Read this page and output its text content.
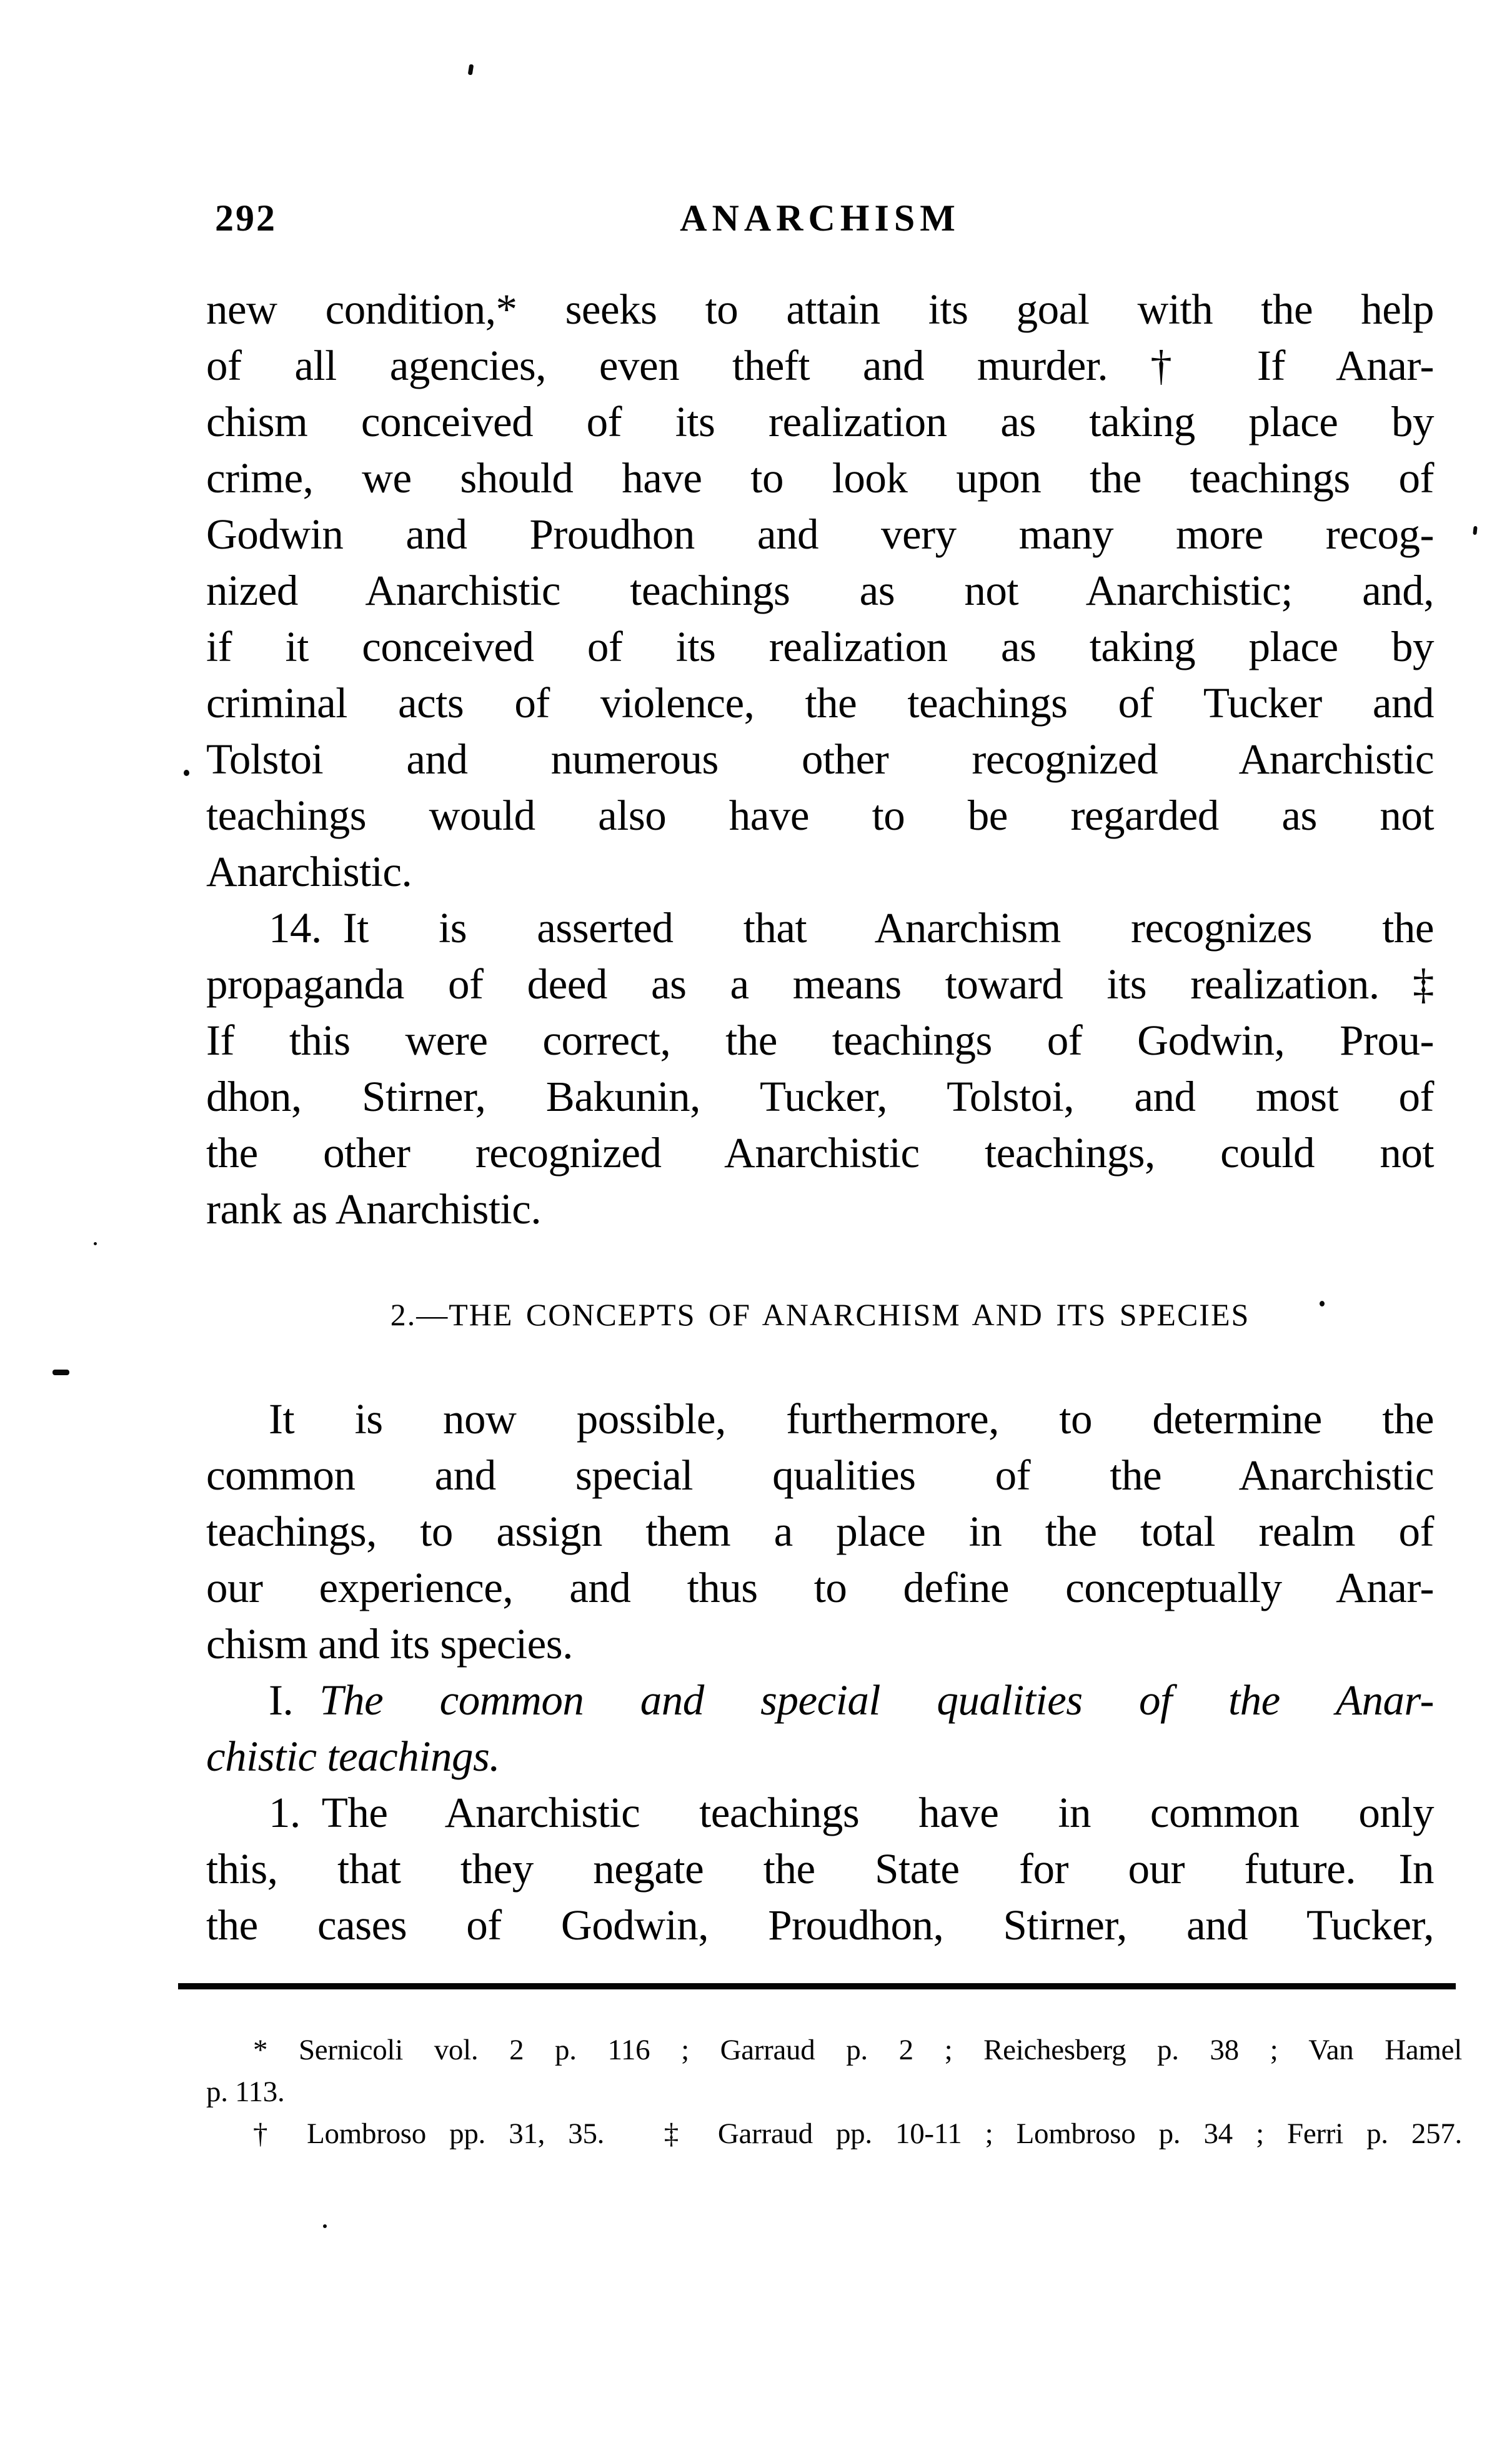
292	ANARCHISM
new condition,* seeks to attain its goal with the help
of all agencies, even theft and murder.† If Anar-
chism conceived of its realization as taking place by
crime, we should have to look upon the teachings of
Godwin and Proudhon and very many more recog-
nized Anarchistic teachings as not Anarchistic; and,
if it conceived of its realization as taking place by
criminal acts of violence, the teachings of Tucker and
Tolstoi and numerous other recognized Anarchistic
teachings would also have to be regarded as not
Anarchistic.
14. It is asserted that Anarchism recognizes the
propaganda of deed as a means toward its realization.‡
If this were correct, the teachings of Godwin, Prou-
dhon, Stirner, Bakunin, Tucker, Tolstoi, and most of
the other recognized Anarchistic teachings, could not
rank as Anarchistic.
2.—THE CONCEPTS OF ANARCHISM AND ITS SPECIES
It is now possible, furthermore, to determine the
common and special qualities of the Anarchistic
teachings, to assign them a place in the total realm of
our experience, and thus to define conceptually Anar-
chism and its species.
I. The common and special qualities of the Anar-
chistic teachings.
1. The Anarchistic teachings have in common only
this, that they negate the State for our future. In
the cases of Godwin, Proudhon, Stirner, and Tucker,
* Sernicoli vol. 2 p. 116 ; Garraud p. 2 ; Reichesberg p. 38 ; Van Hamel
p. 113.
† Lombroso pp. 31, 35.  ‡ Garraud pp. 10-11 ; Lombroso p. 34 ; Ferri p. 257.
